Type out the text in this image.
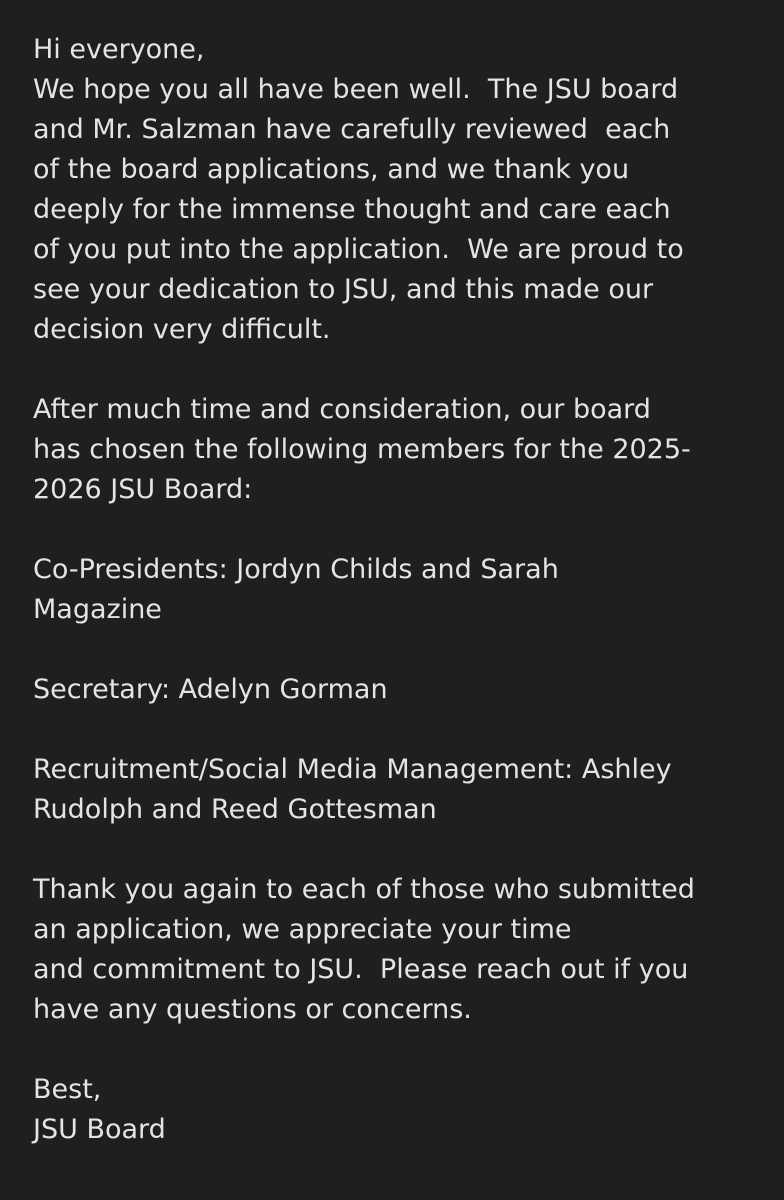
Hi everyone,
We hope you all have been well.  The JSU board
and Mr. Salzman have carefully reviewed  each
of the board applications, and we thank you
deeply for the immense thought and care each
of you put into the application.  We are proud to
see your dedication to JSU, and this made our
decision very difficult.
After much time and consideration, our board
has chosen the following members for the 2025-
2026 JSU Board:
Co-Presidents: Jordyn Childs and Sarah
Magazine
Secretary: Adelyn Gorman
Recruitment/Social Media Management: Ashley
Rudolph and Reed Gottesman
Thank you again to each of those who submitted
an application, we appreciate your time
and commitment to JSU.  Please reach out if you
have any questions or concerns.
Best,
JSU Board
